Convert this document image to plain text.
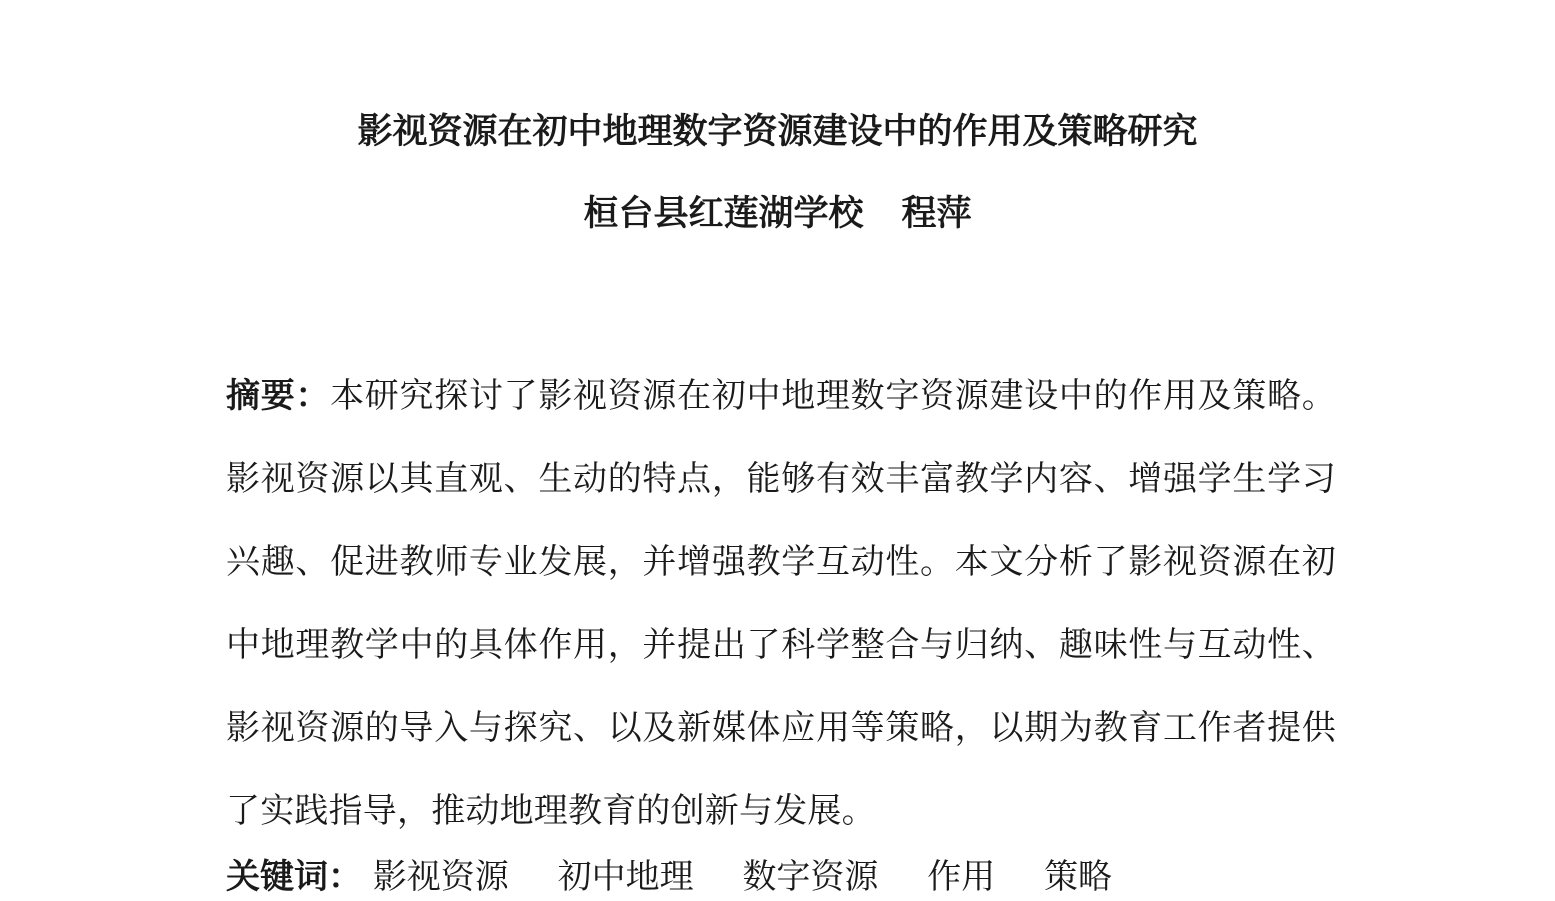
影视资源在初中地理数字资源建设中的作用及策略研究
桓台县红莲湖学校 程萍
摘要：本研究探讨了影视资源在初中地理数字资源建设中的作用及策略。影视资源以其直观、生动的特点，能够有效丰富教学内容、增强学生学习兴趣、促进教师专业发展，并增强教学互动性。本文分析了影视资源在初中地理教学中的具体作用，并提出了科学整合与归纳、趣味性与互动性、影视资源的导入与探究、以及新媒体应用等策略，以期为教育工作者提供了实践指导，推动地理教育的创新与发展。
关键词： 影视资源 初中地理 数字资源 作用 策略
